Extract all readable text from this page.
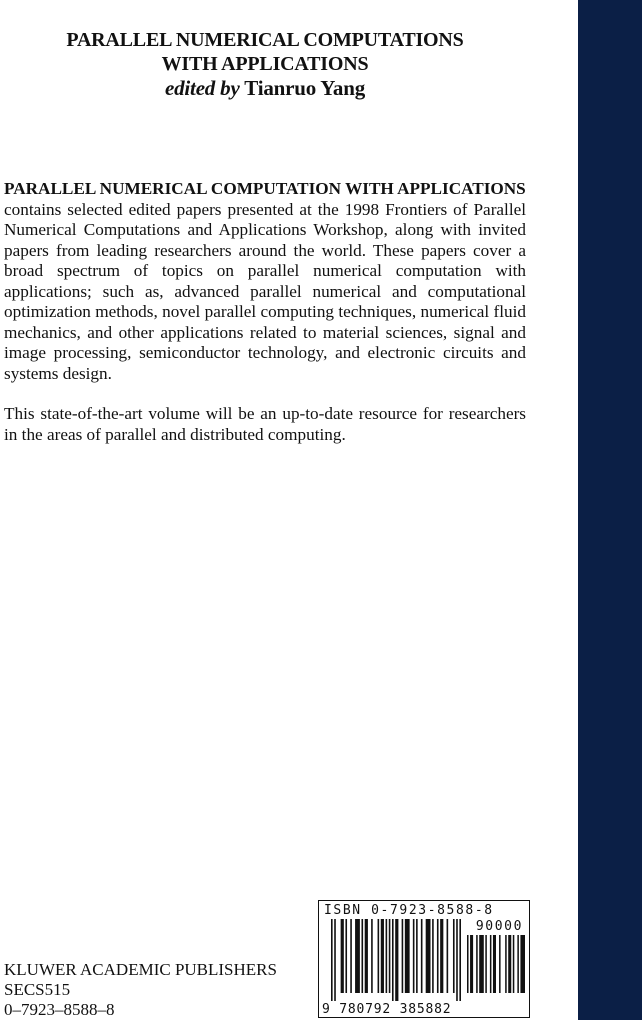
PARALLEL NUMERICAL COMPUTATIONS
WITH APPLICATIONS
edited by Tianruo Yang

PARALLEL NUMERICAL COMPUTATION WITH APPLICATIONS
contains selected edited papers presented at the 1998 Frontiers of Parallel Numerical Computations and Applications Workshop, along with invited papers from leading researchers around the world. These papers cover a broad spectrum of topics on parallel numerical computation with applications; such as, advanced parallel numerical and computational optimization methods, novel parallel computing techniques, numerical fluid mechanics, and other applications related to material sciences, signal and image processing, semiconductor technology, and electronic circuits and systems design.

This state-of-the-art volume will be an up-to-date resource for researchers in the areas of parallel and distributed computing.

KLUWER ACADEMIC PUBLISHERS
SECS515
0–7923–8588–8
ISBN 0-7923-8588-8
90000
9 780792 385882
